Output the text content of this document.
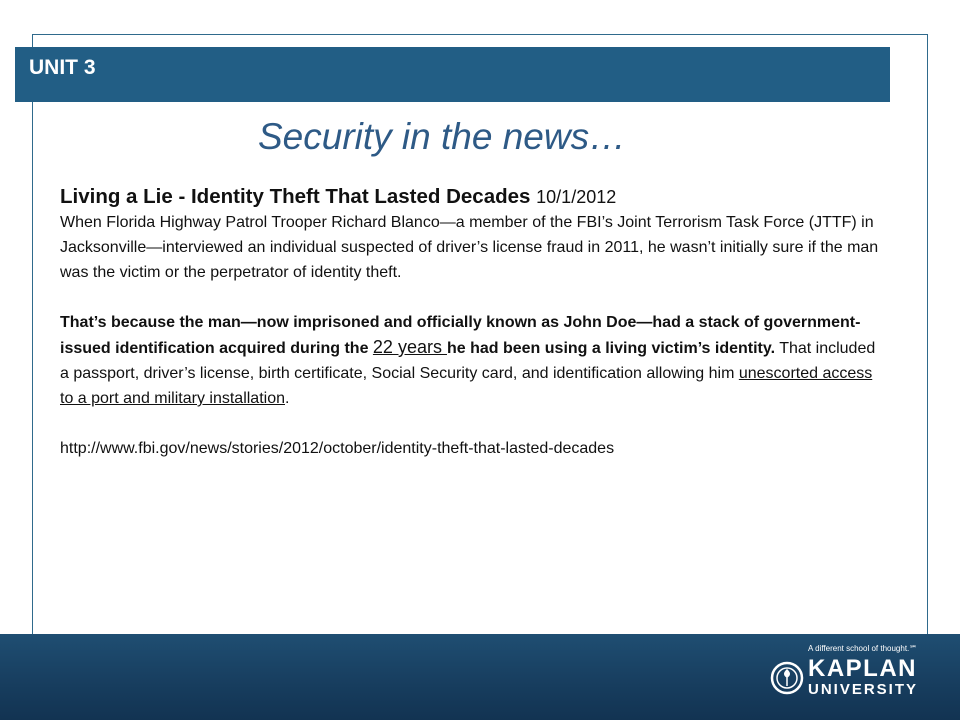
UNIT 3
Security in the news…
Living a Lie - Identity Theft That Lasted Decades 10/1/2012

When Florida Highway Patrol Trooper Richard Blanco—a member of the FBI’s Joint Terrorism Task Force (JTTF) in Jacksonville—interviewed an individual suspected of driver’s license fraud in 2011, he wasn’t initially sure if the man was the victim or the perpetrator of identity theft.

That’s because the man—now imprisoned and officially known as John Doe—had a stack of government-issued identification acquired during the 22 years he had been using a living victim’s identity. That included a passport, driver’s license, birth certificate, Social Security card, and identification allowing him unescorted access to a port and military installation.

http://www.fbi.gov/news/stories/2012/october/identity-theft-that-lasted-decades
A different school of thought.℠
KAPLAN
UNIVERSITY
